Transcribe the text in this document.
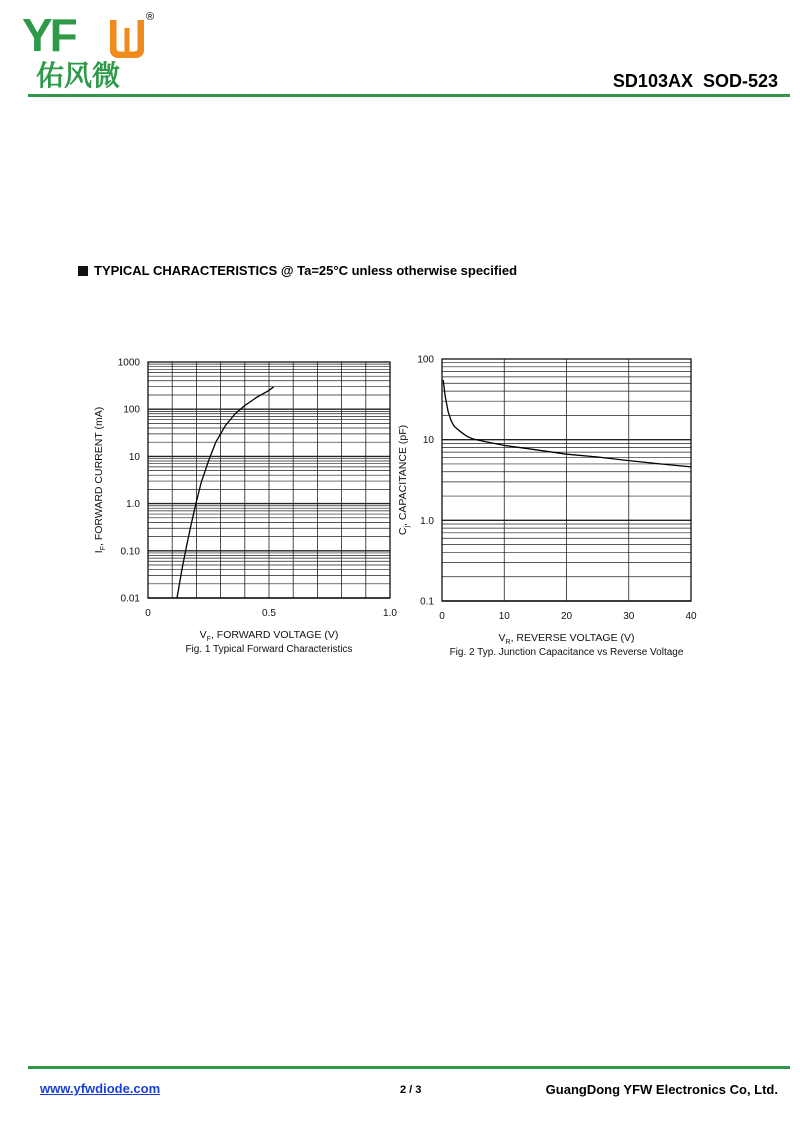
YF	®
佑风微	SD103AX  SOD-523
TYPICAL CHARACTERISTICS @ Ta=25°C unless otherwise specified
0.01
0.10
1.0
10
100
1000
0	0.5	1.0
$V_F$, FORWARD VOLTAGE (V)
$I_F$, FORWARD CURRENT (mA)
Fig. 1 Typical Forward Characteristics
0.1
1.0
10
100
0	10	20	30	40
$V_R$, REVERSE VOLTAGE (V)
$C_j$, CAPACITANCE (pF)
Fig. 2 Typ. Junction Capacitance vs Reverse Voltage
www.yfwdiode.com	2 / 3	GuangDong YFW Electronics Co, Ltd.
